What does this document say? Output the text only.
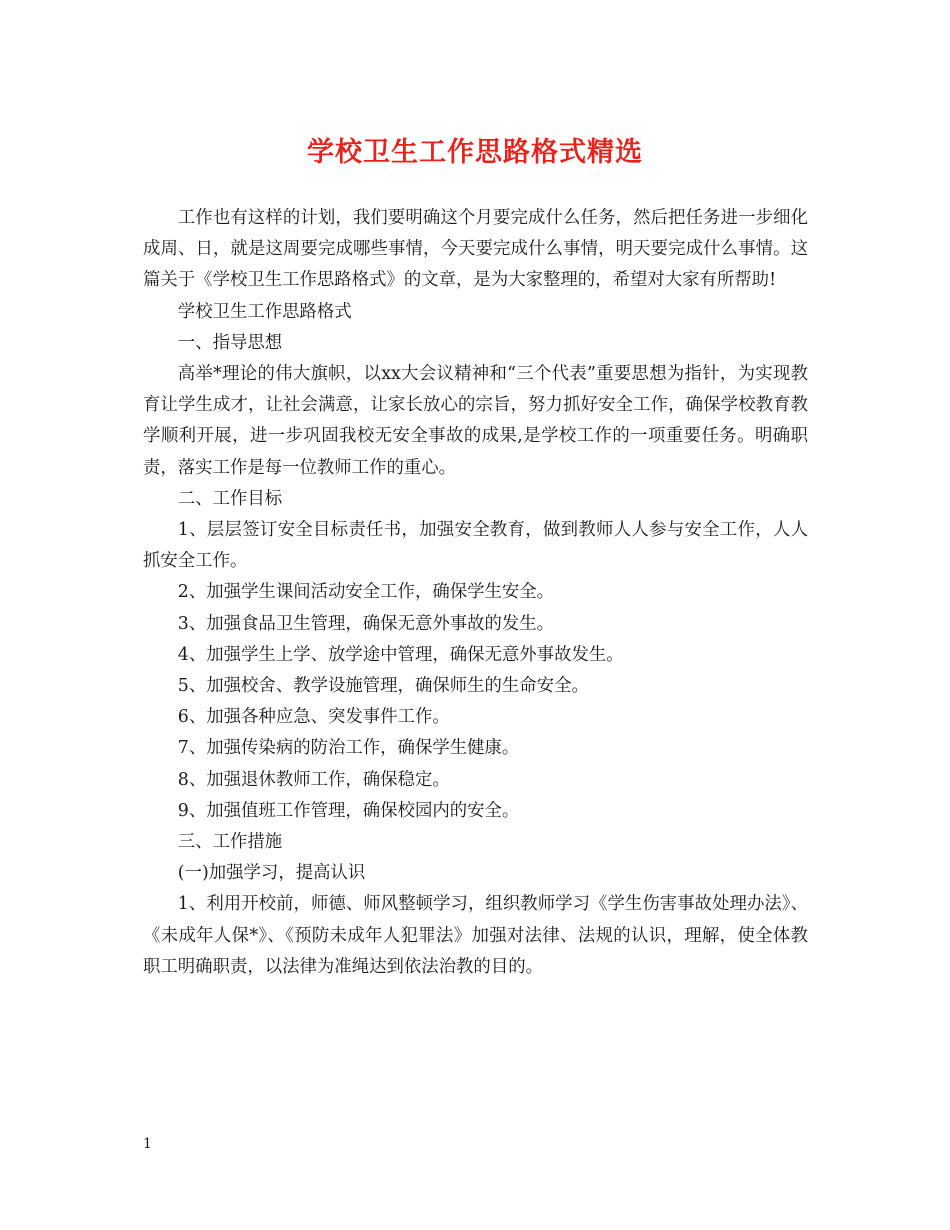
学校卫生工作思路格式精选

工作也有这样的计划，我们要明确这个月要完成什么任务，然后把任务进一步细化成周、日，就是这周要完成哪些事情，今天要完成什么事情，明天要完成什么事情。这篇关于《学校卫生工作思路格式》的文章，是为大家整理的，希望对大家有所帮助!

学校卫生工作思路格式

一、指导思想

高举*理论的伟大旗帜，以xx大会议精神和“三个代表”重要思想为指针，为实现教育让学生成才，让社会满意，让家长放心的宗旨，努力抓好安全工作，确保学校教育教学顺利开展，进一步巩固我校无安全事故的成果,是学校工作的一项重要任务。明确职责，落实工作是每一位教师工作的重心。

二、工作目标

1、层层签订安全目标责任书，加强安全教育，做到教师人人参与安全工作，人人抓安全工作。

2、加强学生课间活动安全工作，确保学生安全。

3、加强食品卫生管理，确保无意外事故的发生。

4、加强学生上学、放学途中管理，确保无意外事故发生。

5、加强校舍、教学设施管理，确保师生的生命安全。

6、加强各种应急、突发事件工作。

7、加强传染病的防治工作，确保学生健康。

8、加强退休教师工作，确保稳定。

9、加强值班工作管理，确保校园内的安全。

三、工作措施

(一)加强学习，提高认识

1、利用开校前，师德、师风整顿学习，组织教师学习《学生伤害事故处理办法》、《未成年人保*》、《预防未成年人犯罪法》加强对法律、法规的认识，理解，使全体教职工明确职责，以法律为准绳达到依法治教的目的。

1
